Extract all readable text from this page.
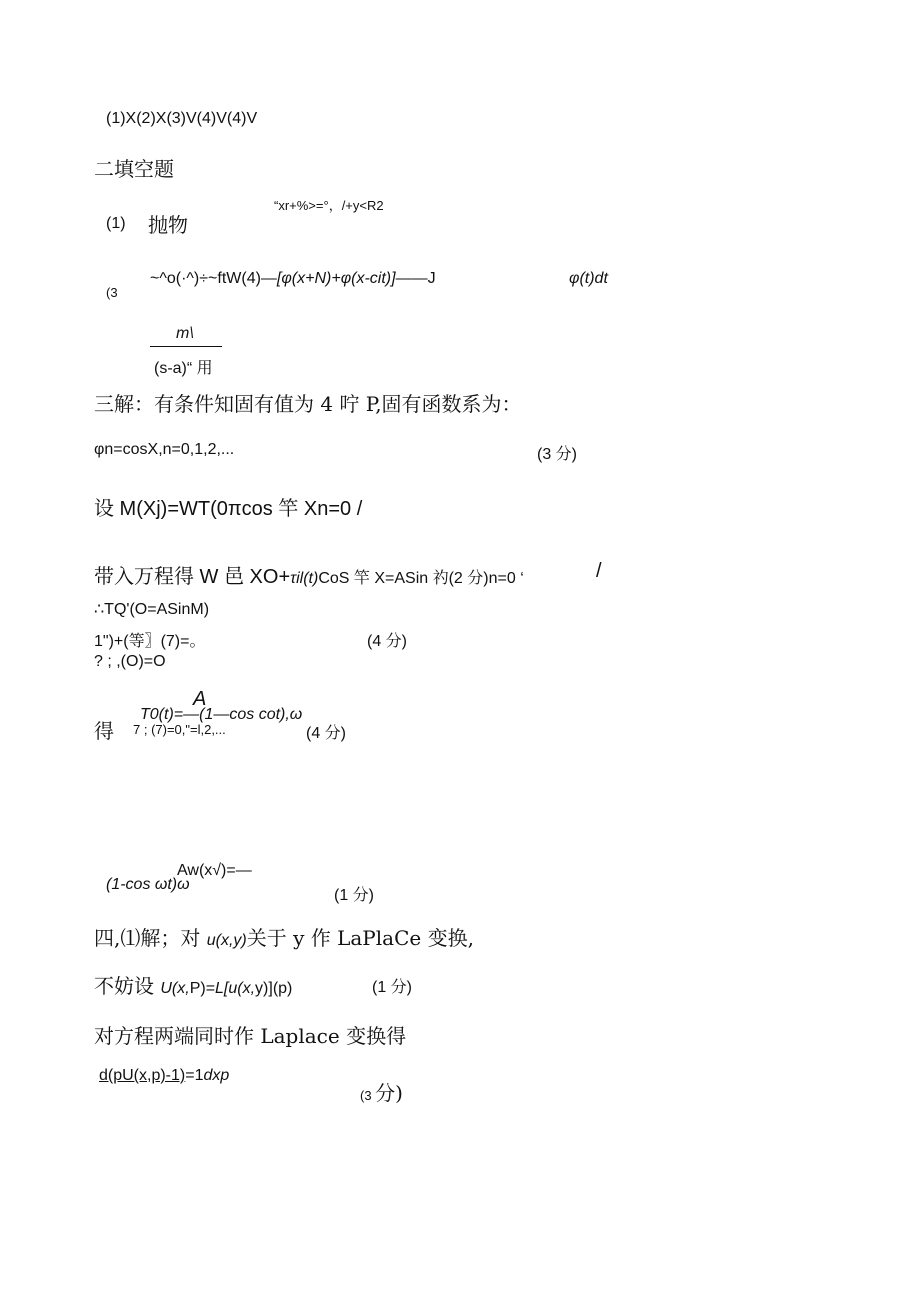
(1)X(2)X(3)V(4)V(4)V
二填空题
“xr+%>=°，/+y<R2
(1) 抛物
(3
~^o(·^)÷~ftW(4)—[φ(x+N)+φ(x-cit)]——J	φ(t)dt
m\
(s-a)“ 用
三解：有条件知固有值为 4 咛 P,固有函数系为：
φn=cosX,n=0,1,2,...	(3 分)
设 M(Xj)=WT(0πcos 竿 Xn=0 /
带入万程得 W 邑 XO+τil(t)CoS 竿 X=ASin 礿(2 分)n=0 ‘	/
∴TQ'(O=ASinM)
1")+(等〗(7)=。	(4 分)
? ; ,(O)=O
A
T0(t)=—(1—cos cot),ω
得 7 ; (7)=0,"=l,2,...	(4 分)
Aw(x√)=—
(1-cos ωt)ω
(1 分)
四,⑴解；对 u(x,y)关于 y 作 LaPlaCe 变换,
不妨设 U(x,P)=L[u(x,y)](p)	(1 分)
对方程两端同时作 Laplace 变换得
d(pU(x,p)-1)=1dxp
(3 分)
